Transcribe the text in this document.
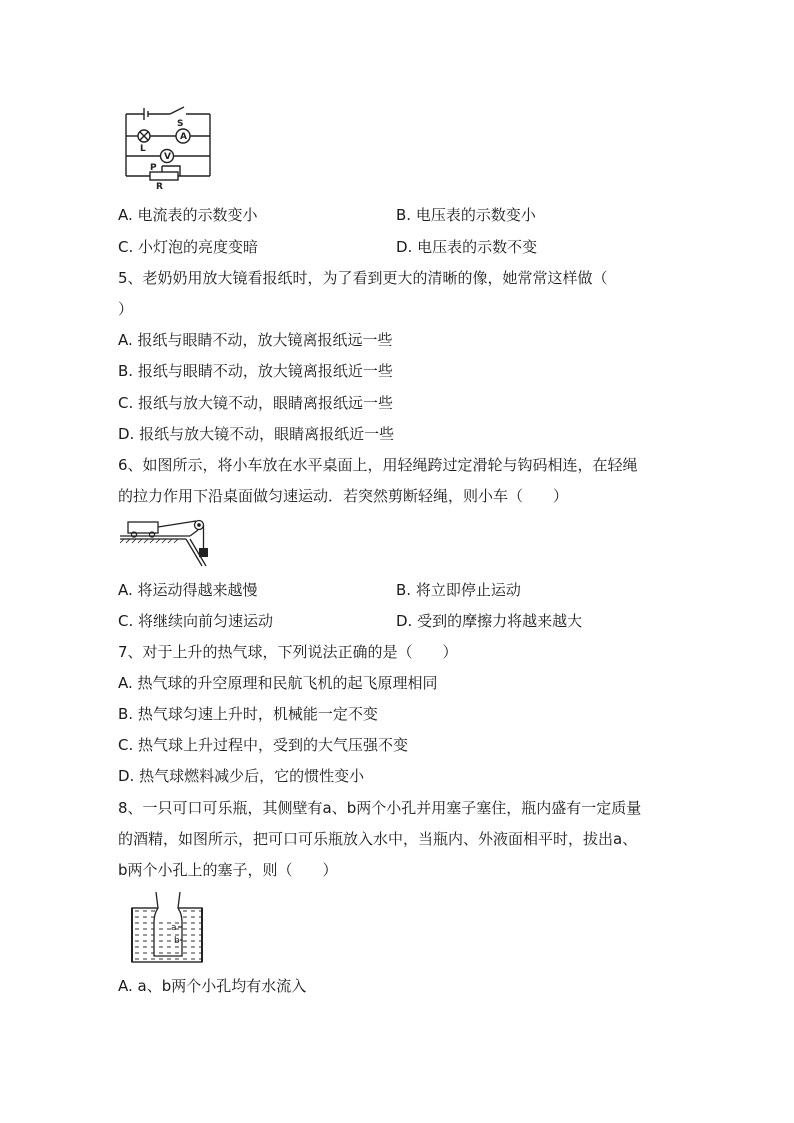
S
A
L
V
P
R
A. 电流表的示数变小	B. 电压表的示数变小
C. 小灯泡的亮度变暗	D. 电压表的示数不变
5、老奶奶用放大镜看报纸时，为了看到更大的清晰的像，她常常这样做（
）
A. 报纸与眼睛不动，放大镜离报纸远一些
B. 报纸与眼睛不动，放大镜离报纸近一些
C. 报纸与放大镜不动，眼睛离报纸远一些
D. 报纸与放大镜不动，眼睛离报纸近一些
6、如图所示，将小车放在水平桌面上，用轻绳跨过定滑轮与钩码相连，在轻绳
的拉力作用下沿桌面做匀速运动．若突然剪断轻绳，则小车（　　）
A. 将运动得越来越慢	B. 将立即停止运动
C. 将继续向前匀速运动	D. 受到的摩擦力将越来越大
7、对于上升的热气球，下列说法正确的是（　　）
A. 热气球的升空原理和民航飞机的起飞原理相同
B. 热气球匀速上升时，机械能一定不变
C. 热气球上升过程中，受到的大气压强不变
D. 热气球燃料减少后，它的惯性变小
8、一只可口可乐瓶，其侧壁有a、b两个小孔并用塞子塞住，瓶内盛有一定质量
的酒精，如图所示，把可口可乐瓶放入水中，当瓶内、外液面相平时，拔出a、
b两个小孔上的塞子，则（　　）
a
b
A. a、b两个小孔均有水流入
